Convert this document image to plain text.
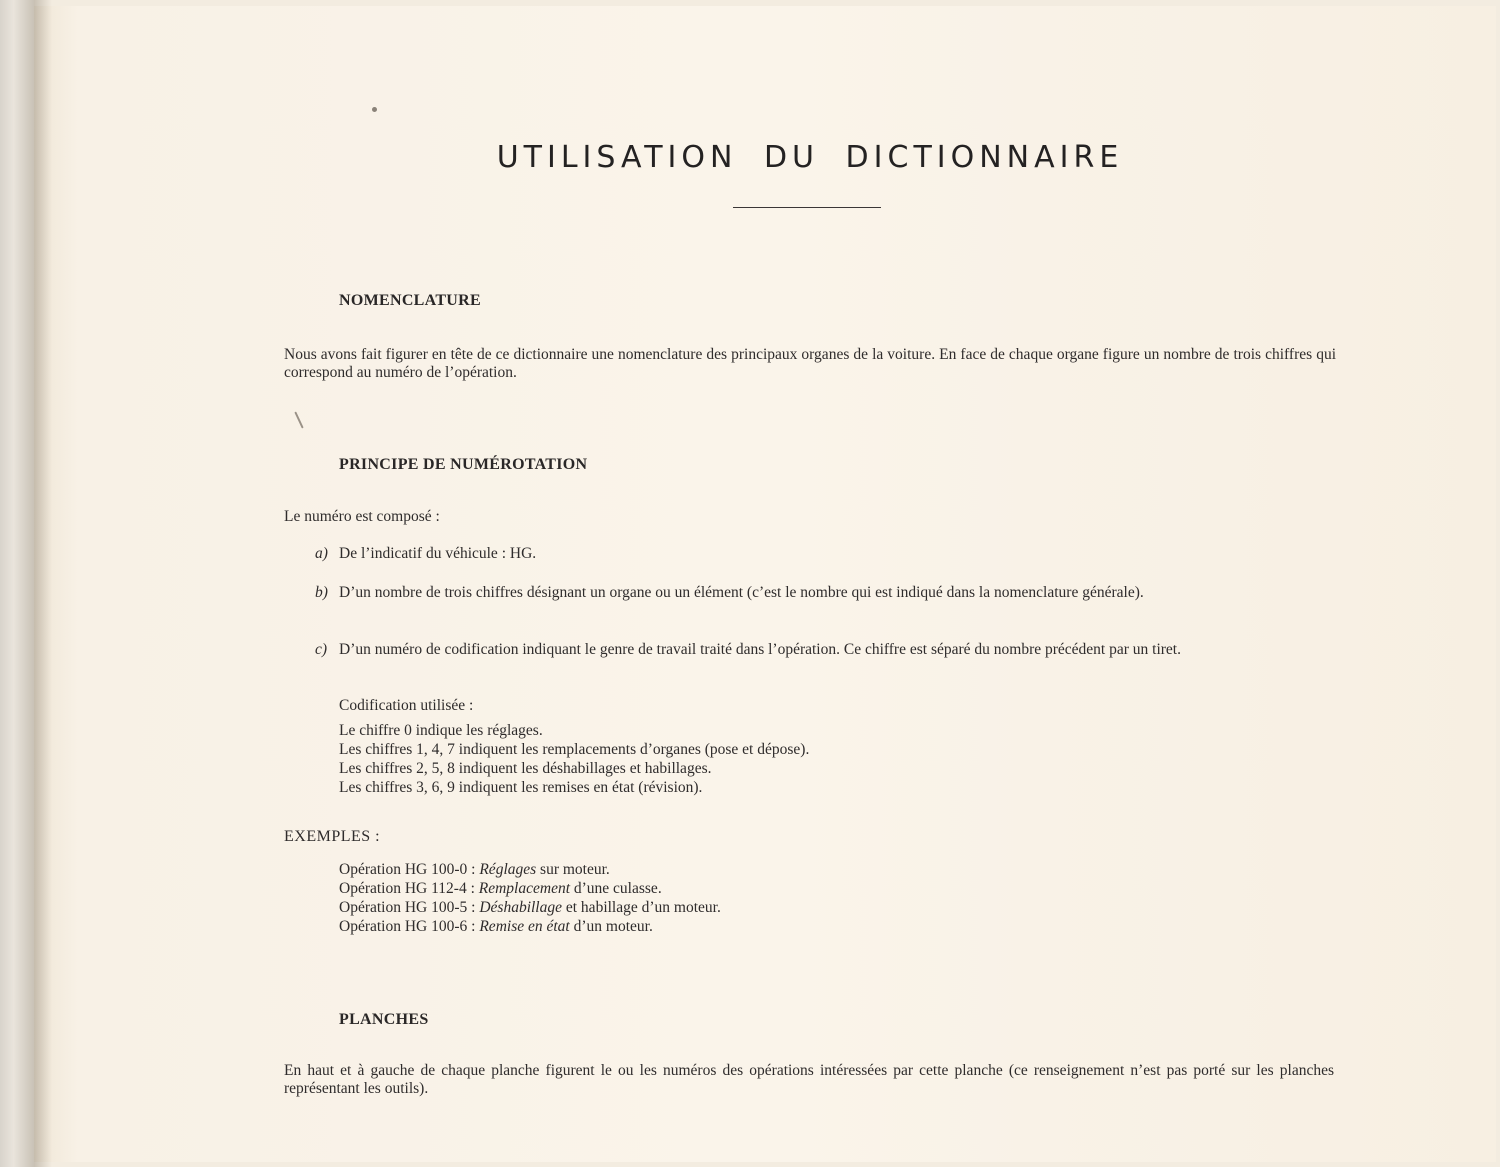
UTILISATION DU DICTIONNAIRE
NOMENCLATURE
Nous avons fait figurer en tête de ce dictionnaire une nomenclature des principaux organes de la voiture. En face de chaque organe figure un nombre de trois chiffres qui correspond au numéro de l’opération.
PRINCIPE DE NUMÉROTATION
Le numéro est composé :
a) De l’indicatif du véhicule : HG.
b) D’un nombre de trois chiffres désignant un organe ou un élément (c’est le nombre qui est indiqué dans la nomenclature générale).
c) D’un numéro de codification indiquant le genre de travail traité dans l’opération. Ce chiffre est séparé du nombre précédent par un tiret.
Codification utilisée :
Le chiffre 0 indique les réglages.
Les chiffres 1, 4, 7 indiquent les remplacements d’organes (pose et dépose).
Les chiffres 2, 5, 8 indiquent les déshabillages et habillages.
Les chiffres 3, 6, 9 indiquent les remises en état (révision).
EXEMPLES :
Opération HG 100-0 : Réglages sur moteur.
Opération HG 112-4 : Remplacement d’une culasse.
Opération HG 100-5 : Déshabillage et habillage d’un moteur.
Opération HG 100-6 : Remise en état d’un moteur.
PLANCHES
En haut et à gauche de chaque planche figurent le ou les numéros des opérations intéressées par cette planche (ce renseignement n’est pas porté sur les planches représentant les outils).
